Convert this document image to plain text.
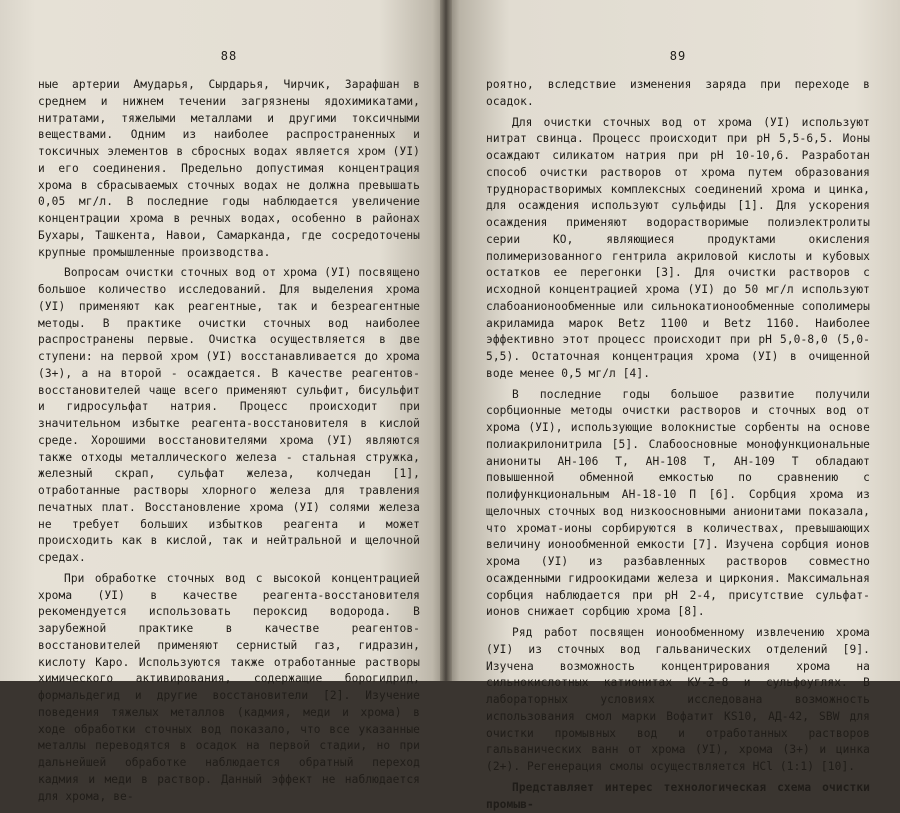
88

ные артерии Амударья, Сырдарья, Чирчик, Зарафшан в среднем и нижнем течении загрязнены ядохимикатами, нитратами, тяжелыми металлами и другими токсичными веществами. Одним из наиболее распространенных и токсичных элементов в сбросных водах является хром (УI) и его соединения. Предельно допустимая концентрация хрома в сбрасываемых сточных водах не должна превышать 0,05 мг/л. В последние годы наблюдается увеличение концентрации хрома в речных водах, особенно в районах Бухары, Ташкента, Навои, Самарканда, где сосредоточены крупные промышленные производства.

Вопросам очистки сточных вод от хрома (УI) посвящено большое количество исследований. Для выделения хрома (УI) применяют как реагентные, так и безреагентные методы. В практике очистки сточных вод наиболее распространены первые. Очистка осуществляется в две ступени: на первой хром (УI) восстанавливается до хрома (3+), а на второй - осаждается. В качестве реагентов-восстановителей чаще всего применяют сульфит, бисульфит и гидросульфат натрия. Процесс происходит при значительном избытке реагента-восстановителя в кислой среде. Хорошими восстановителями хрома (УI) являются также отходы металлического железа - стальная стружка, железный скрап, сульфат железа, колчедан [1], отработанные растворы хлорного железа для травления печатных плат. Восстановление хрома (УI) солями железа не требует больших избытков реагента и может происходить как в кислой, так и нейтральной и щелочной средах.

При обработке сточных вод с высокой концентрацией хрома (УI) в качестве реагента-восстановителя рекомендуется использовать пероксид водорода. В зарубежной практике в качестве реагентов-восстановителей применяют сернистый газ, гидразин, кислоту Каро. Используются также отработанные растворы химического активирования, содержащие борогидрид, формальдегид и другие восстановители [2]. Изучение поведения тяжелых металлов (кадмия, меди и хрома) в ходе обработки сточных вод показало, что все указанные металлы переводятся в осадок на первой стадии, но при дальнейшей обработке наблюдается обратный переход кадмия и меди в раствор. Данный эффект не наблюдается для хрома, ве-

89

роятно, вследствие изменения заряда при переходе в осадок.

Для очистки сточных вод от хрома (УI) используют нитрат свинца. Процесс происходит при pH 5,5-6,5. Ионы осаждают силикатом натрия при pH 10-10,6. Разработан способ очистки растворов от хрома путем образования труднорастворимых комплексных соединений хрома и цинка, для осаждения используют сульфиды [1]. Для ускорения осаждения применяют водорастворимые полиэлектролиты серии КО, являющиеся продуктами окисления полимеризованного гентрила акриловой кислоты и кубовых остатков ее перегонки [3]. Для очистки растворов с исходной концентрацией хрома (УI) до 50 мг/л используют слабоанионообменные или сильнокатионообменные сополимеры акриламида марок Betz 1100 и Betz 1160. Наиболее эффективно этот процесс происходит при pH 5,0-8,0 (5,0-5,5). Остаточная концентрация хрома (УI) в очищенной воде менее 0,5 мг/л [4].

В последние годы большое развитие получили сорбционные методы очистки растворов и сточных вод от хрома (УI), использующие волокнистые сорбенты на основе полиакрилонитрила [5]. Слабоосновные монофункциональные аниониты АН-106 Т, АН-108 Т, АН-109 Т обладают повышенной обменной емкостью по сравнению с полифункциональным АН-18-10 П [6]. Сорбция хрома из щелочных сточных вод низкоосновными анионитами показала, что хромат-ионы сорбируются в количествах, превышающих величину ионообменной емкости [7]. Изучена сорбция ионов хрома (УI) из разбавленных растворов совместно осажденными гидроокидами железа и циркония. Максимальная сорбция наблюдается при pH 2-4, присутствие сульфат-ионов снижает сорбцию хрома [8].

Ряд работ посвящен ионообменному извлечению хрома (УI) из сточных вод гальванических отделений [9]. Изучена возможность концентрирования хрома на сильнокислотных катионитах КУ-2-8 и сульфоуглях. В лабораторных условиях исследована возможность использования смол марки Вофатит KS10, АД-42, SBW для очистки промывных вод и отработанных растворов гальванических ванн от хрома (УI), хрома (3+) и цинка (2+). Регенерация смолы осуществляется HCl (1:1) [10].

Представляет интерес технологическая схема очистки промыв-
